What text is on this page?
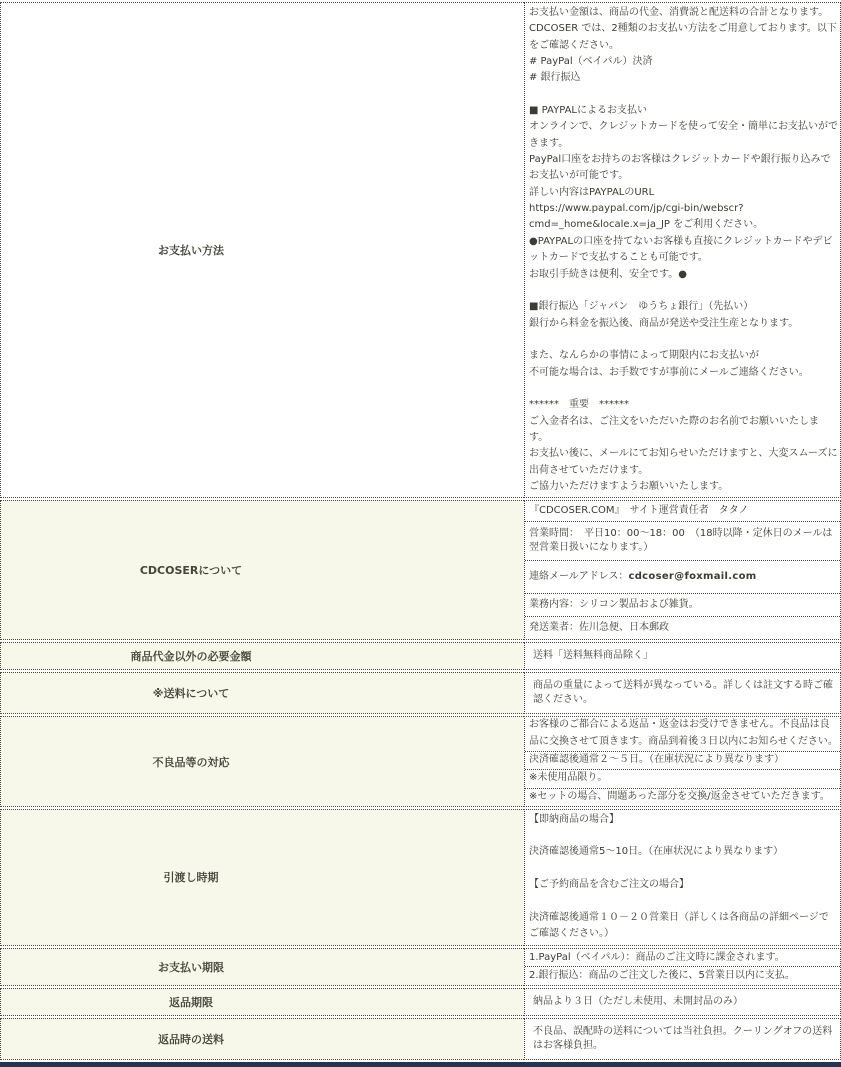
お支払い方法	
お支払い金額は、商品の代金、消費説と配送料の合計となります。
CDCOSER では、2種類のお支払い方法をご用意しております。以下をご確認ください。
# PayPal（ベイパル）決済
# 銀行振込
■ PAYPALによるお支払い
オンラインで、クレジットカードを使って安全・簡単にお支払いができます。
PayPal口座をお持ちのお客様はクレジットカードや銀行振り込みでお支払いが可能です。
詳しい内容はPAYPALのURL
https://www.paypal.com/jp/cgi-bin/webscr?cmd=_home&locale.x=ja_JP をご利用ください。
●PAYPALの口座を持てないお客様も直接にクレジットカードやデビットカードで支払することも可能です。
お取引手続きは便利、安全です。●
■銀行振込「ジャパン　ゆうちょ銀行」（先払い）
銀行から料金を振込後、商品が発送や受注生産となります。
また、なんらかの事情によって期限内にお支払いが
不可能な場合は、お手数ですが事前にメールご連絡ください。
******　重要　******
ご入金者名は、ご注文をいただいた際のお名前でお願いいたします。
お支払い後に、メールにてお知らせいただけますと、大変スムーズに出荷させていただけます。
ご協力いただけますようお願いいたします。

CDCOSERについて	『CDCOSER.COM』　サイト運営責任者　タタノ
営業時間：　平日10：00～18：00　（18時以降・定休日のメールは翌営業日扱いになります。）
連絡メールアドレス：cdcoser@foxmail.com
業務内容：シリコン製品および雑貨。
発送業者：佐川急便、日本郵政

商品代金以外の必要金額	送料「送料無料商品除く」

※送料について	商品の重量によって送料が異なっている。詳しくは註文する時ご確認ください。

不良品等の対応	お客様のご都合による返品・返金はお受けできません。不良品は良品に交換させて頂きます。商品到着後３日以内にお知らせください。
決済確認後通常２～５日。（在庫状況により異なります）
※未使用品限り。
※セットの場合、問題あった部分を交換/返金させていただきます。

引渡し時期	【即納商品の場合】
決済確認後通常5～10日。（在庫状況により異なります）
【ご予約商品を含むご注文の場合】
決済確認後通常１０－２０営業日（詳しくは各商品の詳細ページでご確認ください。）

お支払い期限	1.PayPal（ベイパル）：商品のご注文時に課金されます。
2.銀行振込：商品のご注文した後に、5営業日以内に支払。

返品期限	納品より３日（ただし未使用、未開封品のみ）

返品時の送料	不良品、誤配時の送料については当社負担。クーリングオフの送料はお客様負担。
